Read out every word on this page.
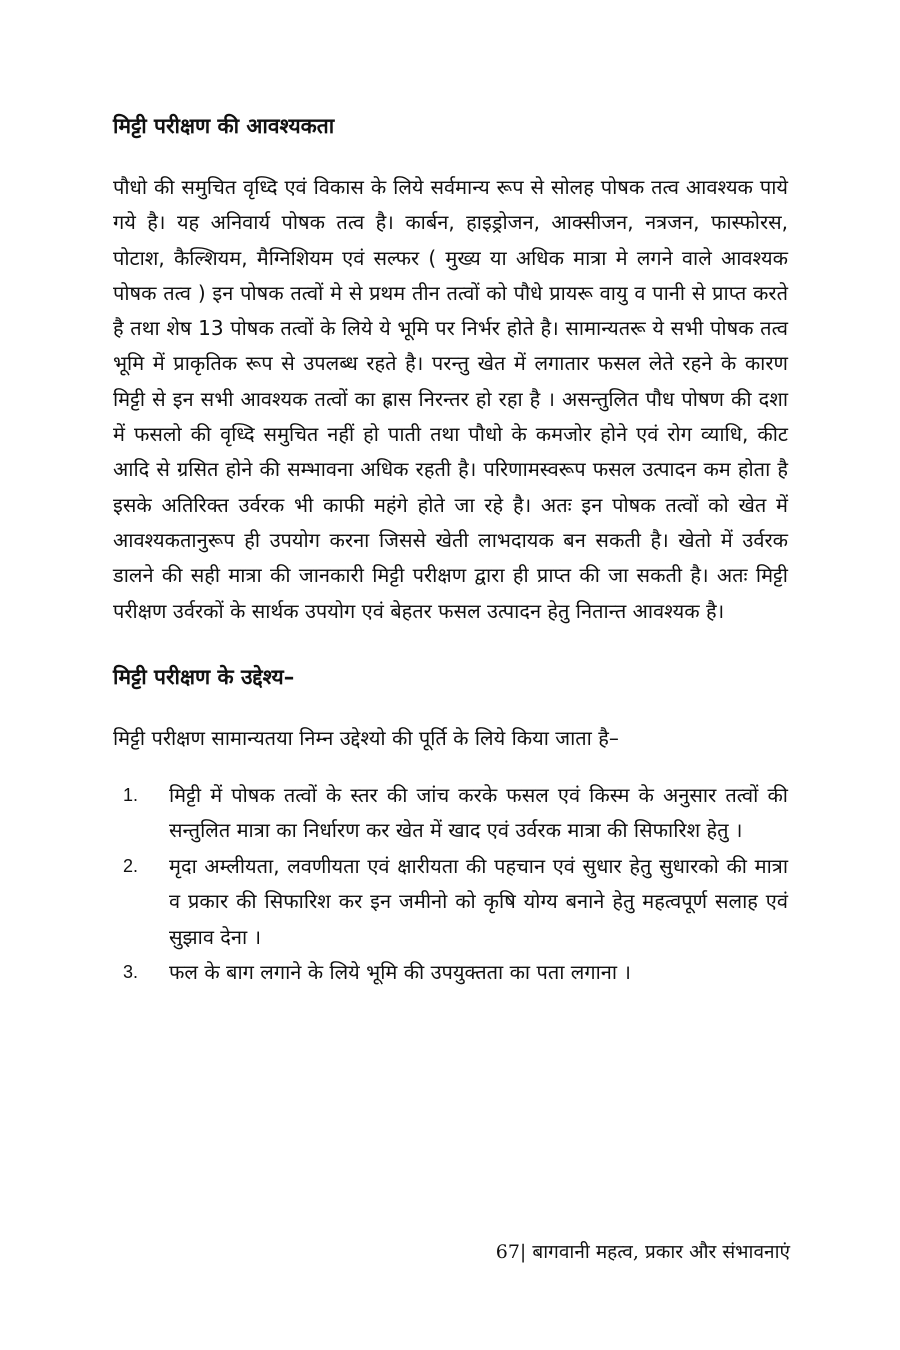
मिट्टी परीक्षण की आवश्यकता

पौधो की समुचित वृध्दि एवं विकास के लिये सर्वमान्य रूप से सोलह पोषक तत्व आवश्यक पाये गये है। यह अनिवार्य पोषक तत्व है। कार्बन, हाइड्रोजन, आक्सीजन, नत्रजन, फास्फोरस, पोटाश, कैल्शियम, मैग्निशियम एवं सल्फर ( मुख्य या अधिक मात्रा मे लगने वाले आवश्यक पोषक तत्व ) इन पोषक तत्वों मे से प्रथम तीन तत्वों को पौधे प्रायरू वायु व पानी से प्राप्त करते है तथा शेष 13 पोषक तत्वों के लिये ये भूमि पर निर्भर होते है। सामान्यतरू ये सभी पोषक तत्व भूमि में प्राकृतिक रूप से उपलब्ध रहते है। परन्तु खेत में लगातार फसल लेते रहने के कारण मिट्टी से इन सभी आवश्यक तत्वों का ह्रास निरन्तर हो रहा है । असन्तुलित पौध पोषण की दशा में फसलो की वृध्दि समुचित नहीं हो पाती तथा पौधो के कमजोर होने एवं रोग व्याधि, कीट आदि से ग्रसित होने की सम्भावना अधिक रहती है। परिणामस्वरूप फसल उत्पादन कम होता है इसके अतिरिक्त उर्वरक भी काफी महंगे होते जा रहे है। अतः इन पोषक तत्वों को खेत में आवश्यकतानुरूप ही उपयोग करना जिससे खेती लाभदायक बन सकती है। खेतो में उर्वरक डालने की सही मात्रा की जानकारी मिट्टी परीक्षण द्वारा ही प्राप्त की जा सकती है। अतः मिट्टी परीक्षण उर्वरकों के सार्थक उपयोग एवं बेहतर फसल उत्पादन हेतु नितान्त आवश्यक है।

मिट्टी परीक्षण के उद्देश्य–

मिट्टी परीक्षण सामान्यतया निम्न उद्देश्यो की पूर्ति के लिये किया जाता है–

1.	मिट्टी में पोषक तत्वों के स्तर की जांच करके फसल एवं किस्म के अनुसार तत्वों की सन्तुलित मात्रा का निर्धारण कर खेत में खाद एवं उर्वरक मात्रा की सिफारिश हेतु ।
2.	मृदा अम्लीयता, लवणीयता एवं क्षारीयता की पहचान एवं सुधार हेतु सुधारको की मात्रा व प्रकार की सिफारिश कर इन जमीनो को कृषि योग्य बनाने हेतु महत्वपूर्ण सलाह एवं सुझाव देना ।
3.	फल के बाग लगाने के लिये भूमि की उपयुक्तता का पता लगाना ।
67| बागवानी महत्व, प्रकार और संभावनाएं
